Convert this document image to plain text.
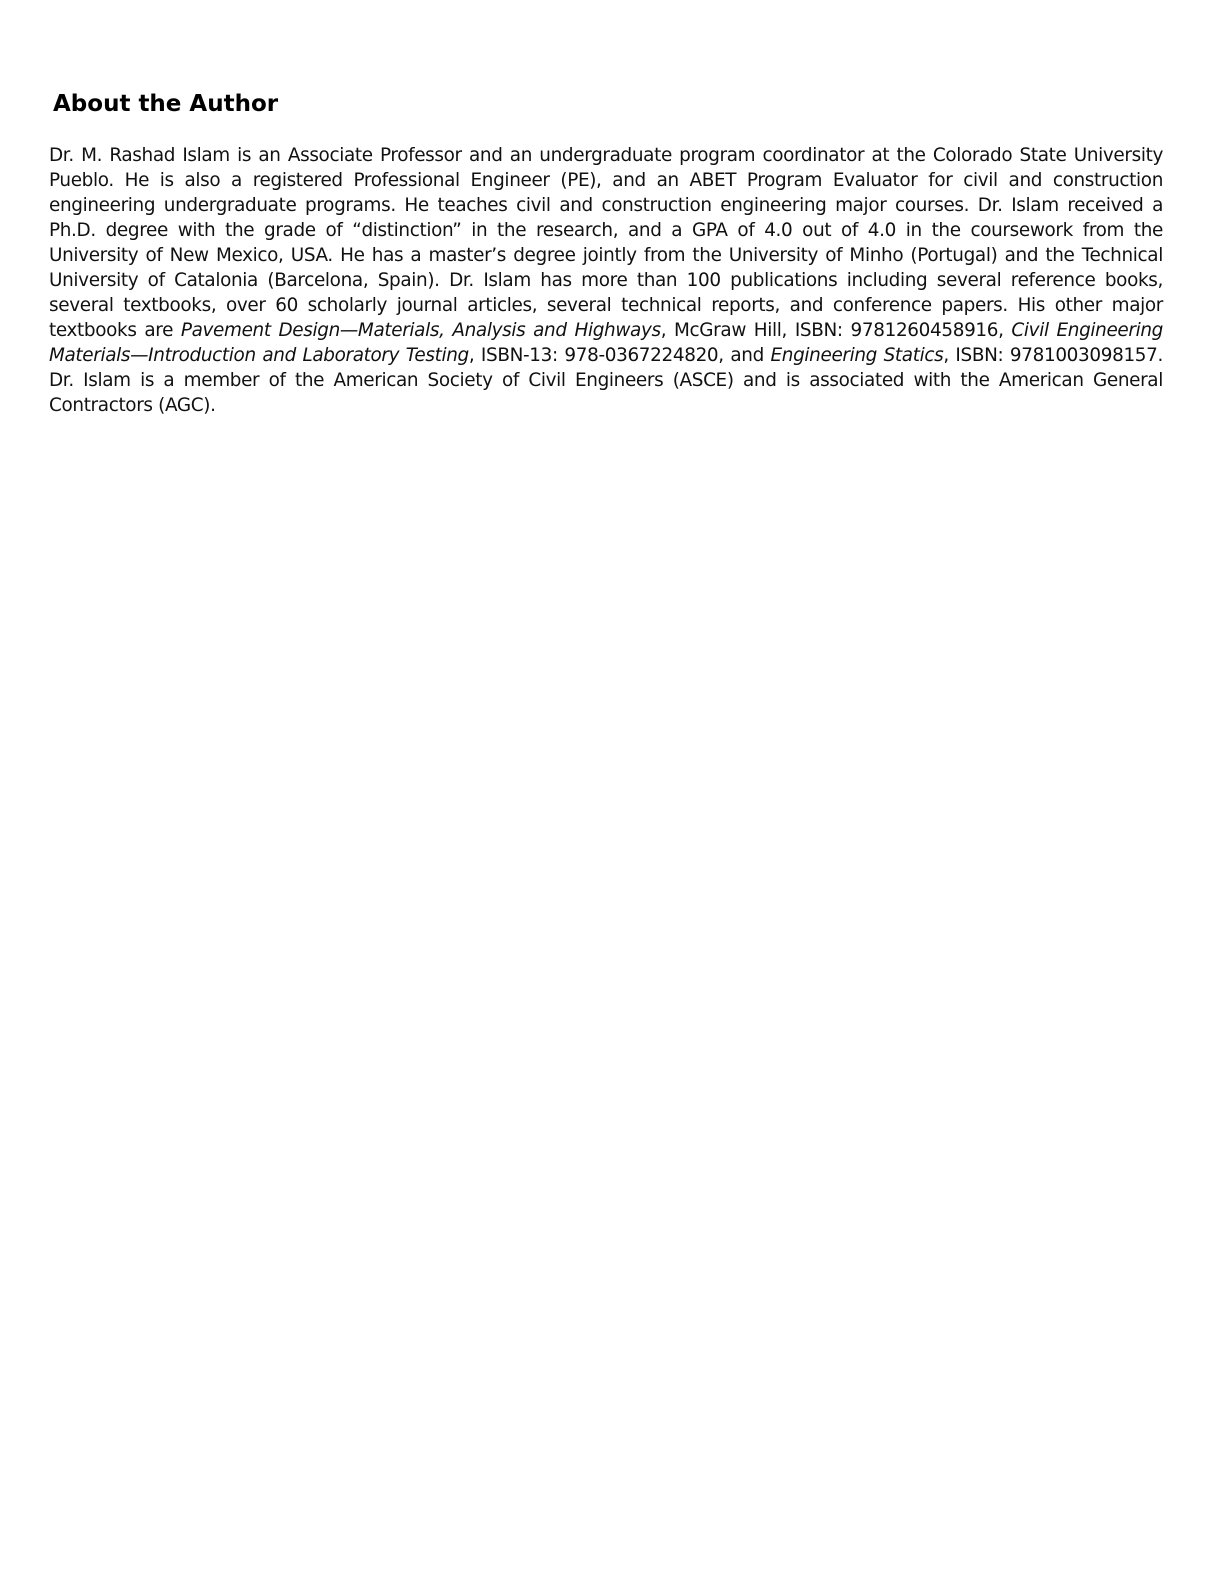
About the Author

Dr. M. Rashad Islam is an Associate Professor and an undergraduate program coordinator at the Colorado State University Pueblo. He is also a registered Professional Engineer (PE), and an ABET Program Evaluator for civil and construction engineering undergraduate programs. He teaches civil and construction engineering major courses. Dr. Islam received a Ph.D. degree with the grade of “distinction” in the research, and a GPA of 4.0 out of 4.0 in the coursework from the University of New Mexico, USA. He has a master’s degree jointly from the University of Minho (Portugal) and the Technical University of Catalonia (Barcelona, Spain). Dr. Islam has more than 100 publications including several reference books, several textbooks, over 60 scholarly journal articles, several technical reports, and conference papers. His other major textbooks are Pavement Design—Materials, Analysis and Highways, McGraw Hill, ISBN: 9781260458916, Civil Engineering Materials—Introduction and Laboratory Testing, ISBN-13: 978-0367224820, and Engineering Statics, ISBN: 9781003098157. Dr. Islam is a member of the American Society of Civil Engineers (ASCE) and is associated with the American General Contractors (AGC).
